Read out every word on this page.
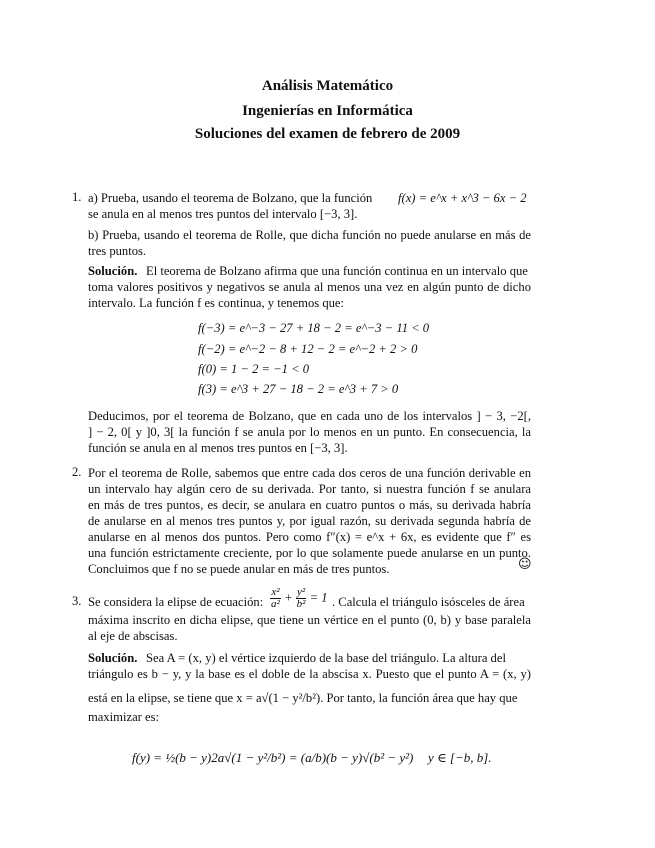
Análisis Matemático
Ingenierías en Informática
Soluciones del examen de febrero de 2009
1. a) Prueba, usando el teorema de Bolzano, que la función f(x) = e^x + x^3 − 6x − 2
se anula en al menos tres puntos del intervalo [−3, 3].
b) Prueba, usando el teorema de Rolle, que dicha función no puede anularse en más de
tres puntos.
Solución. El teorema de Bolzano afirma que una función continua en un intervalo que
toma valores positivos y negativos se anula al menos una vez en algún punto de dicho
intervalo. La función f es continua, y tenemos que:
f(−3) = e^−3 − 27 + 18 − 2 = e^−3 − 11 < 0
f(−2) = e^−2 − 8 + 12 − 2 = e^−2 + 2 > 0
f(0) = 1 − 2 = −1 < 0
f(3) = e^3 + 27 − 18 − 2 = e^3 + 7 > 0
Deducimos, por el teorema de Bolzano, que en cada uno de los intervalos ] − 3, −2[,
] − 2, 0[ y ]0, 3[ la función f se anula por lo menos en un punto. En consecuencia, la
función se anula en al menos tres puntos en [−3, 3].
2. Por el teorema de Rolle, sabemos que entre cada dos ceros de una función derivable en
un intervalo hay algún cero de su derivada. Por tanto, si nuestra función f se anulara
en más de tres puntos, es decir, se anulara en cuatro puntos o más, su derivada habría
de anularse en al menos tres puntos y, por igual razón, su derivada segunda habría de
anularse en al menos dos puntos. Pero como f″(x) = e^x + 6x, es evidente que f″ es
una función estrictamente creciente, por lo que solamente puede anularse en un punto.
Concluimos que f no se puede anular en más de tres puntos.	☺
3. Se considera la elipse de ecuación: $\frac{\text{x²}}{\text{a²}} + \frac{\text{y²}}{\text{b²}} = 1$ . Calcula el triángulo isósceles de área
máxima inscrito en dicha elipse, que tiene un vértice en el punto (0, b) y base paralela
al eje de abscisas.
Solución. Sea A = (x, y) el vértice izquierdo de la base del triángulo. La altura del
triángulo es b − y, y la base es el doble de la abscisa x. Puesto que el punto A = (x, y)
está en la elipse, se tiene que x = a√(1 − y²/b²). Por tanto, la función área que hay que
maximizar es:
f(y) = ½(b − y)2a√(1 − y²/b²) = (a/b)(b − y)√(b² − y²) y ∈ [−b, b].
